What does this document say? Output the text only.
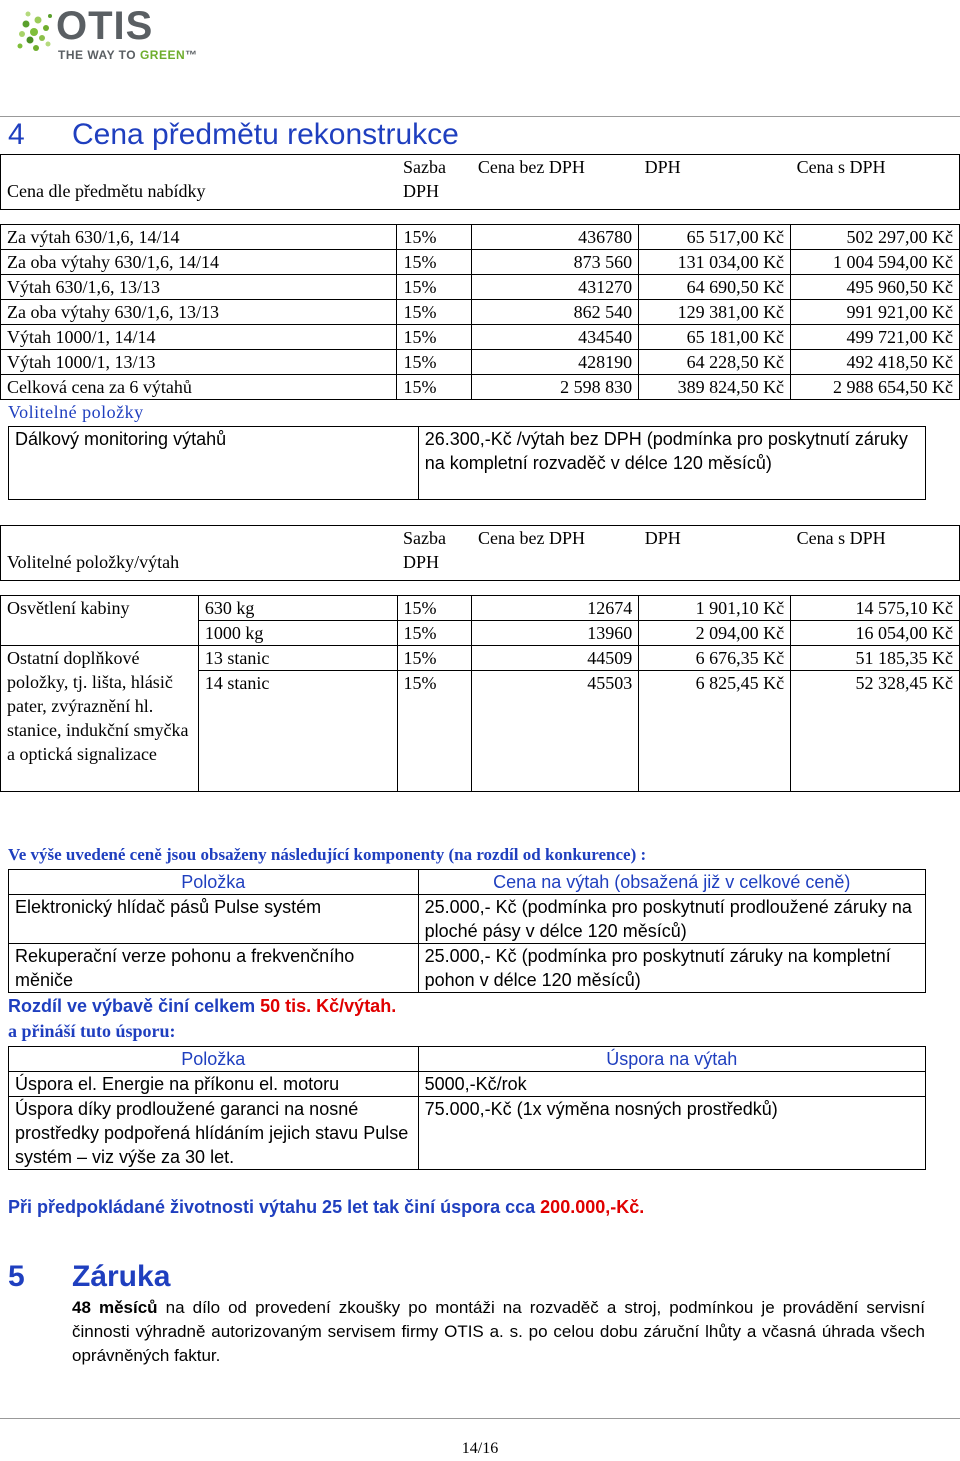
OTIS
THE WAY TO GREEN™
4 Cena předmětu rekonstrukce
Cena dle předmětu nabídky	Sazba DPH	Cena bez DPH	DPH	Cena s DPH

Za výtah 630/1,6, 14/14	15%	436780	65 517,00 Kč	502 297,00 Kč
Za oba výtahy 630/1,6, 14/14	15%	873 560	131 034,00 Kč	1 004 594,00 Kč
Výtah 630/1,6, 13/13	15%	431270	64 690,50 Kč	495 960,50 Kč
Za oba výtahy 630/1,6, 13/13	15%	862 540	129 381,00 Kč	991 921,00 Kč
Výtah 1000/1, 14/14	15%	434540	65 181,00 Kč	499 721,00 Kč
Výtah 1000/1, 13/13	15%	428190	64 228,50 Kč	492 418,50 Kč
Celková cena za 6 výtahů	15%	2 598 830	389 824,50 Kč	2 988 654,50 Kč
Volitelné položky
Dálkový monitoring výtahů	26.300,-Kč /výtah bez DPH (podmínka pro poskytnutí záruky na kompletní rozvaděč v délce 120 měsíců)
Volitelné položky/výtah		Sazba DPH	Cena bez DPH	DPH	Cena s DPH

Osvětlení kabiny	630 kg	15%	12674	1 901,10 Kč	14 575,10 Kč
	1000 kg	15%	13960	2 094,00 Kč	16 054,00 Kč
Ostatní doplňkové položky, tj. lišta, hlásič pater, zvýraznění hl. stanice, indukční smyčka a optická signalizace	13 stanic	15%	44509	6 676,35 Kč	51 185,35 Kč
	14 stanic	15%	45503	6 825,45 Kč	52 328,45 Kč
Ve výše uvedené ceně jsou obsaženy následující komponenty (na rozdíl od konkurence) :
Položka	Cena na výtah (obsažená již v celkové ceně)
Elektronický hlídač pásů Pulse systém	25.000,- Kč (podmínka pro poskytnutí prodloužené záruky na ploché pásy v délce 120 měsíců)
Rekuperační verze pohonu a frekvenčního měniče	25.000,- Kč (podmínka pro poskytnutí záruky na kompletní pohon v délce 120 měsíců)
Rozdíl ve výbavě činí celkem 50 tis. Kč/výtah.
a přináší tuto úsporu:
Položka	Úspora na výtah
Úspora el. Energie na příkonu el. motoru	5000,-Kč/rok
Úspora díky prodloužené garanci na nosné prostředky podpořená hlídáním jejich stavu Pulse systém – viz výše za 30 let.	75.000,-Kč (1x výměna nosných prostředků)
Při předpokládané životnosti výtahu 25 let tak činí úspora cca 200.000,-Kč.
5 Záruka
48 měsíců na dílo od provedení zkoušky po montáži na rozvaděč a stroj, podmínkou je provádění servisní činnosti výhradně autorizovaným servisem firmy OTIS a. s. po celou dobu záruční lhůty a včasná úhrada všech oprávněných faktur.
14/16
